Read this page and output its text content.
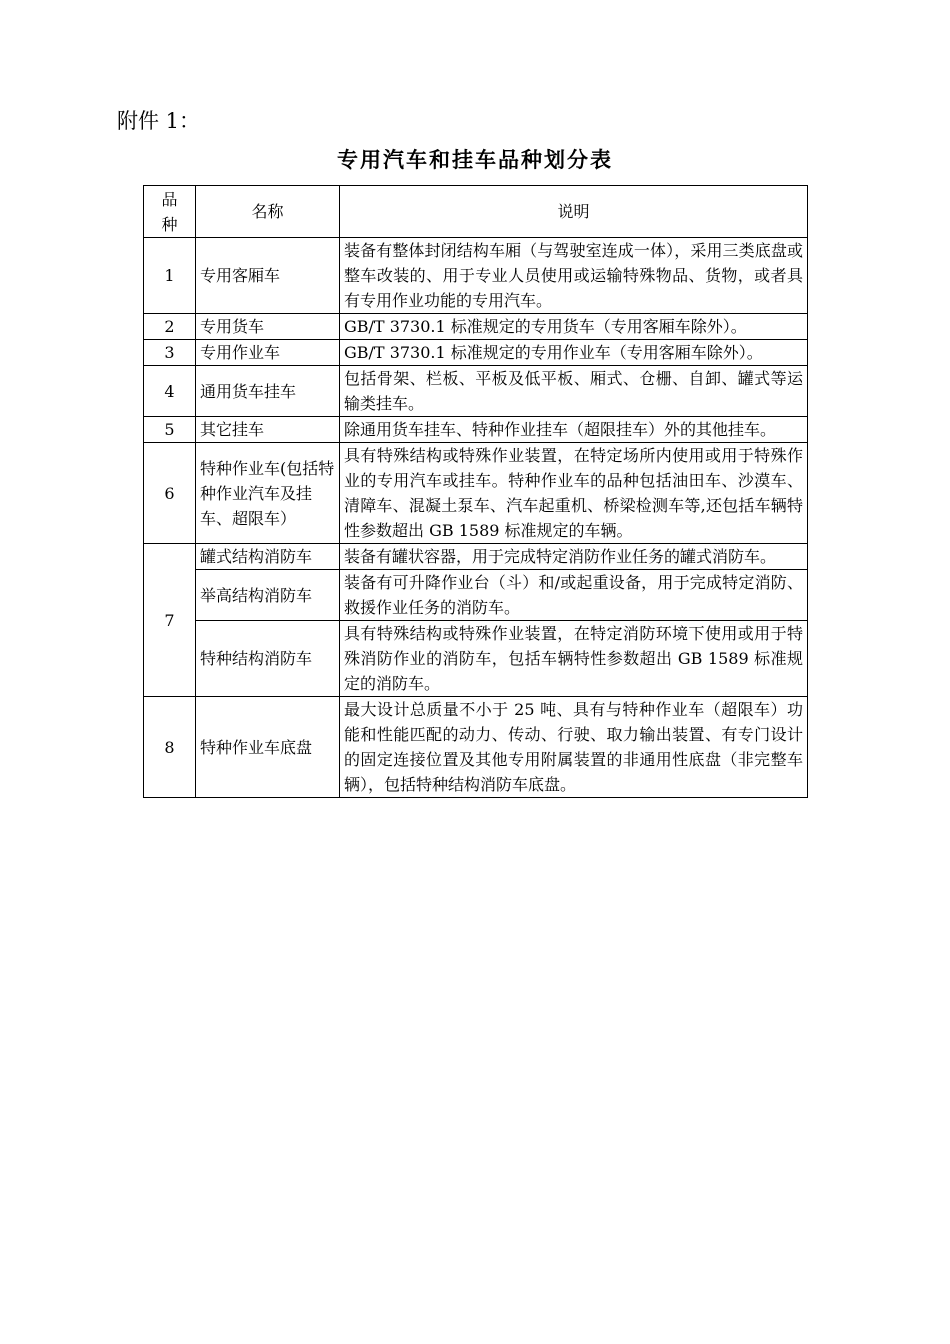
附件 1：
专用汽车和挂车品种划分表
品
种	名称	说明
1	专用客厢车	装备有整体封闭结构车厢（与驾驶室连成一体），采用三类底盘或整车改装的、用于专业人员使用或运输特殊物品、货物，或者具有专用作业功能的专用汽车。
2	专用货车	GB/T 3730.1 标准规定的专用货车（专用客厢车除外）。
3	专用作业车	GB/T 3730.1 标准规定的专用作业车（专用客厢车除外）。
4	通用货车挂车	包括骨架、栏板、平板及低平板、厢式、仓栅、自卸、罐式等运输类挂车。
5	其它挂车	除通用货车挂车、特种作业挂车（超限挂车）外的其他挂车。
6	特种作业车(包括特种作业汽车及挂车、超限车）	具有特殊结构或特殊作业装置，在特定场所内使用或用于特殊作业的专用汽车或挂车。特种作业车的品种包括油田车、沙漠车、清障车、混凝土泵车、汽车起重机、桥梁检测车等,还包括车辆特性参数超出 GB 1589 标准规定的车辆。
7	罐式结构消防车	装备有罐状容器，用于完成特定消防作业任务的罐式消防车。
	举高结构消防车	装备有可升降作业台（斗）和/或起重设备，用于完成特定消防、救援作业任务的消防车。
	特种结构消防车	具有特殊结构或特殊作业装置，在特定消防环境下使用或用于特殊消防作业的消防车，包括车辆特性参数超出 GB 1589 标准规定的消防车。
8	特种作业车底盘	最大设计总质量不小于 25 吨、具有与特种作业车（超限车）功能和性能匹配的动力、传动、行驶、取力输出装置、有专门设计的固定连接位置及其他专用附属装置的非通用性底盘（非完整车辆），包括特种结构消防车底盘。
